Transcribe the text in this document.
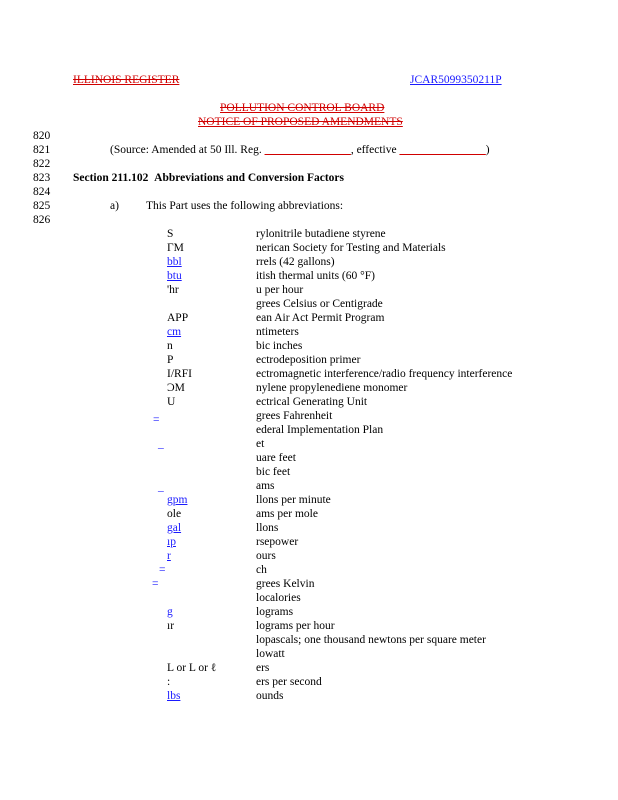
ILLINOIS REGISTER	JCAR5099350211P
POLLUTION CONTROL BOARD
NOTICE OF PROPOSED AMENDMENTS
820
821
822
823
824
825
826
(Source: Amended at 50 Ill. Reg. _______________, effective _______________)
Section 211.102 Abbreviations and Conversion Factors
a) This Part uses the following abbreviations:
=
_
_
=
=
S
ΓM
bbl
btu
'hr
APP
cm
n
P
I/RFI
ƆM
U
gpm
ole
gal
ıp
r
g
ır
L or L or ℓ
:
lbs
rylonitrile butadiene styrene
nerican Society for Testing and Materials
rrels (42 gallons)
itish thermal units (60 °F)
u per hour
grees Celsius or Centigrade
ean Air Act Permit Program
ntimeters
bic inches
ectrodeposition primer
ectromagnetic interference/radio frequency interference
nylene propylenediene monomer
ectrical Generating Unit
grees Fahrenheit
ederal Implementation Plan
et
uare feet
bic feet
ams
llons per minute
ams per mole
llons
rsepower
ours
ch
grees Kelvin
localories
lograms
lograms per hour
lopascals; one thousand newtons per square meter
lowatt
ers
ers per second
ounds
